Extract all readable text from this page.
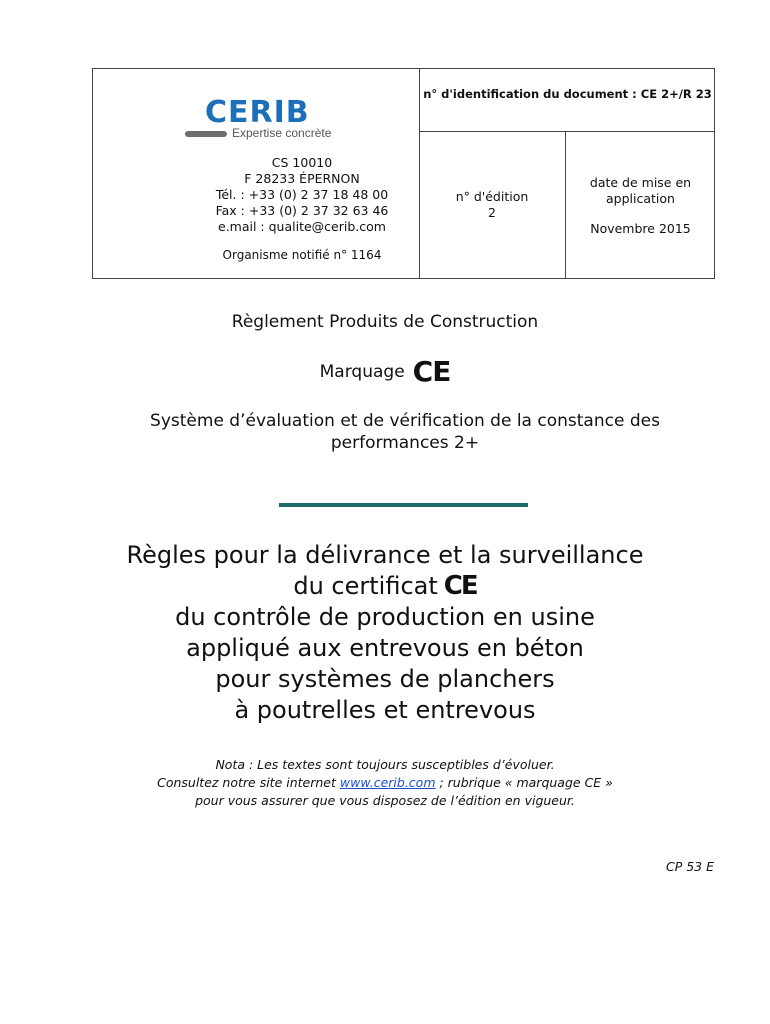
CERIB
Expertise concrète
CS 10010
F 28233 ÉPERNON
Tél. : +33 (0) 2 37 18 48 00
Fax : +33 (0) 2 37 32 63 46
e.mail : qualite@cerib.com
Organisme notifié n° 1164
n° d'identification du document : CE 2+/R 23
n° d'édition
2
date de mise en
application
Novembre 2015
Règlement Produits de Construction
Marquage CE
Système d’évaluation et de vérification de la constance des
performances 2+
Règles pour la délivrance et la surveillance
du certificat CE
du contrôle de production en usine
appliqué aux entrevous en béton
pour systèmes de planchers
à poutrelles et entrevous
Nota : Les textes sont toujours susceptibles d’évoluer.
Consultez notre site internet www.cerib.com ; rubrique « marquage CE »
pour vous assurer que vous disposez de l’édition en vigueur.
CP 53 E
